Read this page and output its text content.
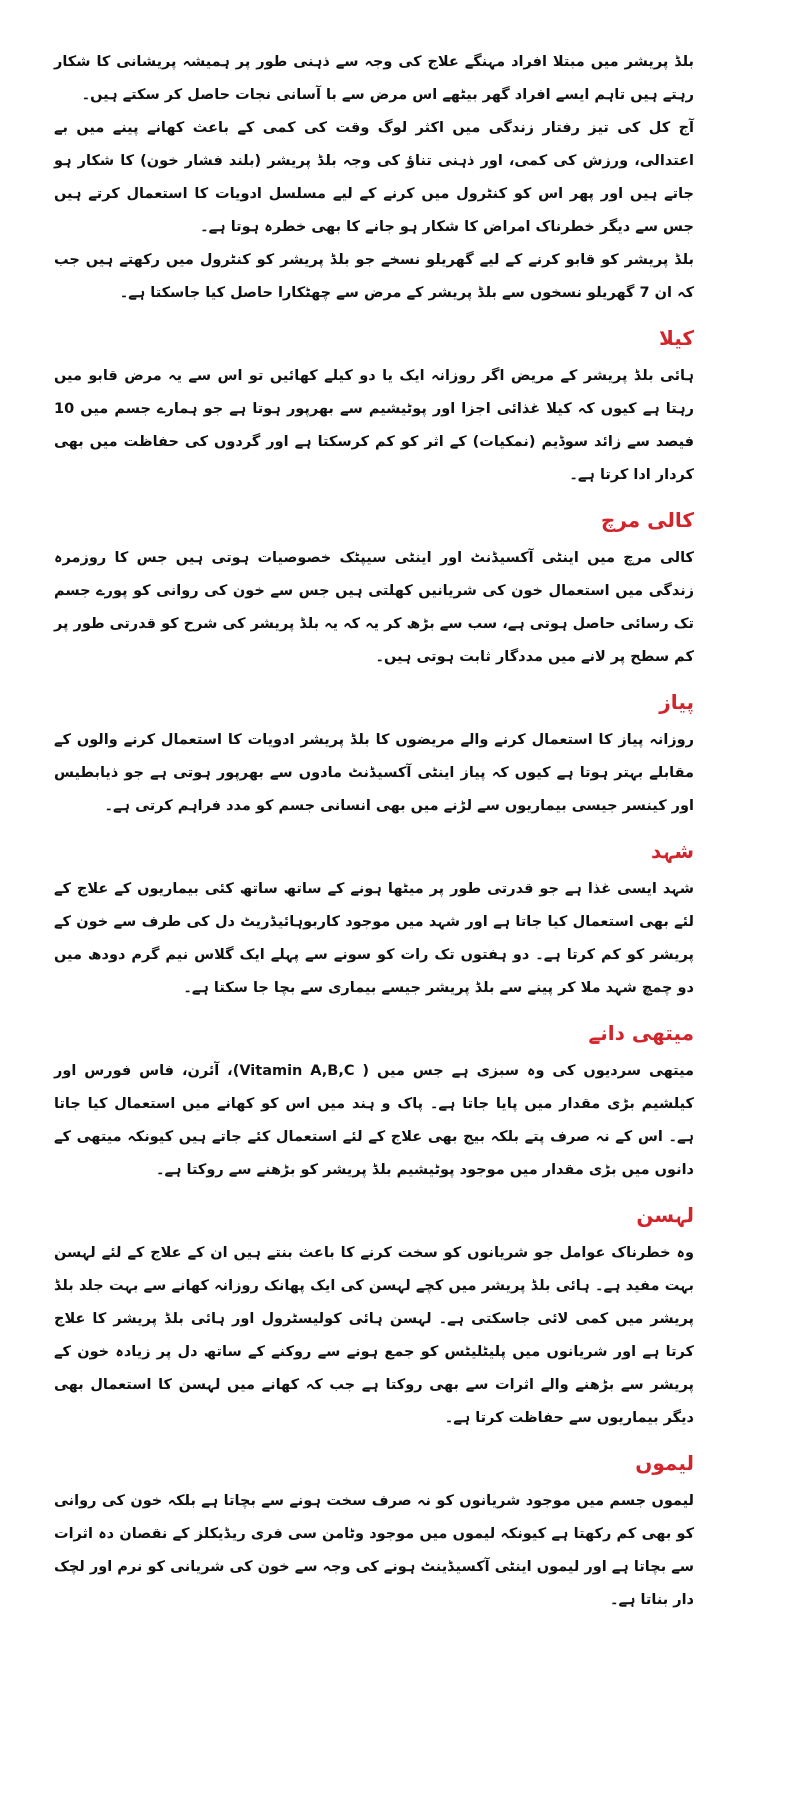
بلڈ پریشر میں مبتلا افراد مہنگے علاج کی وجہ سے ذہنی طور پر ہمیشہ پریشانی کا شکار رہتے ہیں تاہم ایسے افراد گھر بیٹھے اس مرض سے با آسانی نجات حاصل کر سکتے ہیں۔

آج کل کی تیز رفتار زندگی میں اکثر لوگ وقت کی کمی کے باعث کھانے پینے میں بے اعتدالی، ورزش کی کمی، اور ذہنی تناؤ کی وجہ بلڈ پریشر (بلند فشار خون) کا شکار ہو جاتے ہیں اور پھر اس کو کنٹرول میں کرنے کے لیے مسلسل ادویات کا استعمال کرتے ہیں جس سے دیگر خطرناک امراض کا شکار ہو جانے کا بھی خطرہ ہوتا ہے۔

بلڈ پریشر کو قابو کرنے کے لیے گھریلو نسخے جو بلڈ پریشر کو کنٹرول میں رکھتے ہیں جب کہ ان 7 گھریلو نسخوں سے بلڈ پریشر کے مرض سے چھٹکارا حاصل کیا جاسکتا ہے۔

کیلا

ہائی بلڈ پریشر کے مریض اگر روزانہ ایک یا دو کیلے کھائیں تو اس سے یہ مرض قابو میں رہتا ہے کیوں کہ کیلا غذائی اجزا اور پوٹیشیم سے بھرپور ہوتا ہے جو ہمارے جسم میں 10 فیصد سے زائد سوڈیم (نمکیات) کے اثر کو کم کرسکتا ہے اور گردوں کی حفاظت میں بھی کردار ادا کرتا ہے۔

کالی مرچ

کالی مرچ میں اینٹی آکسیڈنٹ اور اینٹی سیپٹک خصوصیات ہوتی ہیں جس کا روزمرہ زندگی میں استعمال خون کی شریانیں کھلتی ہیں جس سے خون کی روانی کو پورے جسم تک رسائی حاصل ہوتی ہے، سب سے بڑھ کر یہ کہ یہ بلڈ پریشر کی شرح کو قدرتی طور پر کم سطح پر لانے میں مددگار ثابت ہوتی ہیں۔

پیاز

روزانہ پیاز کا استعمال کرنے والے مریضوں کا بلڈ پریشر ادویات کا استعمال کرنے والوں کے مقابلے بہتر ہوتا ہے کیوں کہ پیاز اینٹی آکسیڈنٹ مادوں سے بھرپور ہوتی ہے جو ذیابطیس اور کینسر جیسی بیماریوں سے لڑنے میں بھی انسانی جسم کو مدد فراہم کرتی ہے۔

شہد

شہد ایسی غذا ہے جو قدرتی طور پر میٹھا ہونے کے ساتھ ساتھ کئی بیماریوں کے علاج کے لئے بھی استعمال کیا جاتا ہے اور شہد میں موجود کاربوہائیڈریٹ دل کی طرف سے خون کے پریشر کو کم کرتا ہے۔ دو ہفتوں تک رات کو سونے سے پہلے ایک گلاس نیم گرم دودھ میں دو چمچ شہد ملا کر پینے سے بلڈ پریشر جیسے بیماری سے بچا جا سکتا ہے۔

میتھی دانے

میتھی سردیوں کی وہ سبزی ہے جس میں ( Vitamin A,B,C)، آئرن، فاس فورس اور کیلشیم بڑی مقدار میں پایا جاتا ہے۔ پاک و ہند میں اس کو کھانے میں استعمال کیا جاتا ہے۔ اس کے نہ صرف پتے بلکہ بیج بھی علاج کے لئے استعمال کئے جاتے ہیں کیونکہ میتھی کے دانوں میں بڑی مقدار میں موجود پوٹیشیم بلڈ پریشر کو بڑھنے سے روکتا ہے۔

لہسن

وہ خطرناک عوامل جو شریانوں کو سخت کرنے کا باعث بنتے ہیں ان کے علاج کے لئے لہسن بہت مفید ہے۔ ہائی بلڈ پریشر میں کچے لہسن کی ایک پھانک روزانہ کھانے سے بہت جلد بلڈ پریشر میں کمی لائی جاسکتی ہے۔ لہسن ہائی کولیسٹرول اور ہائی بلڈ پریشر کا علاج کرتا ہے اور شریانوں میں پلیٹلیٹس کو جمع ہونے سے روکنے کے ساتھ دل پر زیادہ خون کے پریشر سے بڑھنے والے اثرات سے بھی روکتا ہے جب کہ کھانے میں لہسن کا استعمال بھی دیگر بیماریوں سے حفاظت کرتا ہے۔

لیموں

لیموں جسم میں موجود شریانوں کو نہ صرف سخت ہونے سے بچاتا ہے بلکہ خون کی روانی کو بھی کم رکھتا ہے کیونکہ لیموں میں موجود وٹامن سی فری ریڈیکلز کے نقصان دہ اثرات سے بچاتا ہے اور لیموں اینٹی آکسیڈینٹ ہونے کی وجہ سے خون کی شریانی کو نرم اور لچک دار بناتا ہے۔
